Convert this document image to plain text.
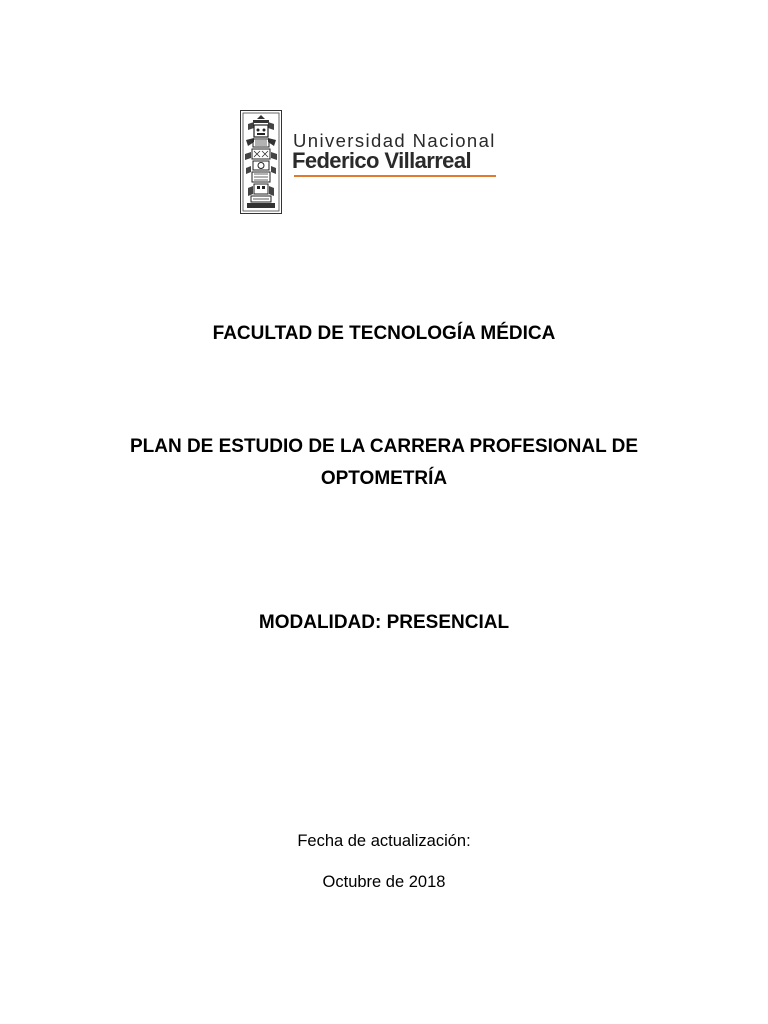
Universidad Nacional
Federico Villarreal
FACULTAD DE TECNOLOGÍA MÉDICA
PLAN DE ESTUDIO DE LA CARRERA PROFESIONAL DE
OPTOMETRÍA
MODALIDAD: PRESENCIAL
Fecha de actualización:
Octubre de 2018
